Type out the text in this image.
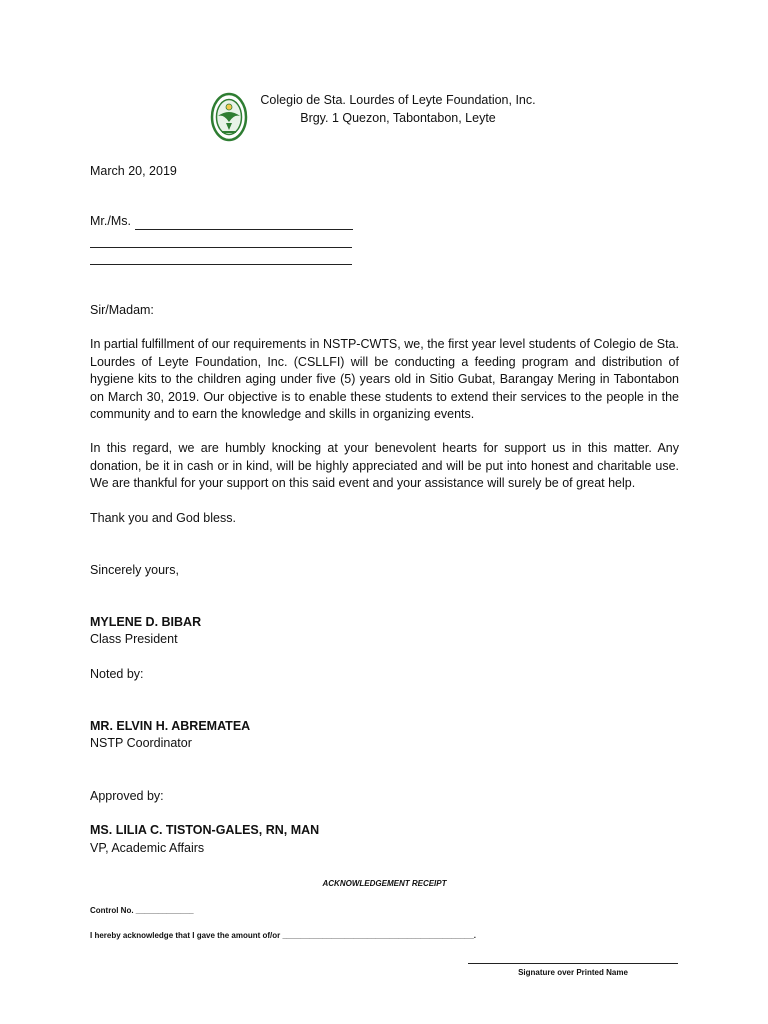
Colegio de Sta. Lourdes of Leyte Foundation, Inc.
Brgy. 1 Quezon, Tabontabon, Leyte
March 20, 2019
Mr./Ms.
Sir/Madam:
In partial fulfillment of our requirements in NSTP-CWTS, we, the first year level students of Colegio de Sta. Lourdes of Leyte Foundation, Inc. (CSLLFI) will be conducting a feeding program and distribution of hygiene kits to the children aging under five (5) years old in Sitio Gubat, Barangay Mering in Tabontabon on March 30, 2019. Our objective is to enable these students to extend their services to the people in the community and to earn the knowledge and skills in organizing events.
In this regard, we are humbly knocking at your benevolent hearts for support us in this matter. Any donation, be it in cash or in kind, will be highly appreciated and will be put into honest and charitable use. We are thankful for your support on this said event and your assistance will surely be of great help.
Thank you and God bless.
Sincerely yours,
MYLENE D. BIBAR
Class President
Noted by:
MR. ELVIN H. ABREMATEA
NSTP Coordinator
Approved by:
MS. LILIA C. TISTON-GALES, RN, MAN
VP, Academic Affairs
ACKNOWLEDGEMENT RECEIPT
Control No. _____________
I hereby acknowledge that I gave the amount of/or ___________________________________________.
Signature over Printed Name
